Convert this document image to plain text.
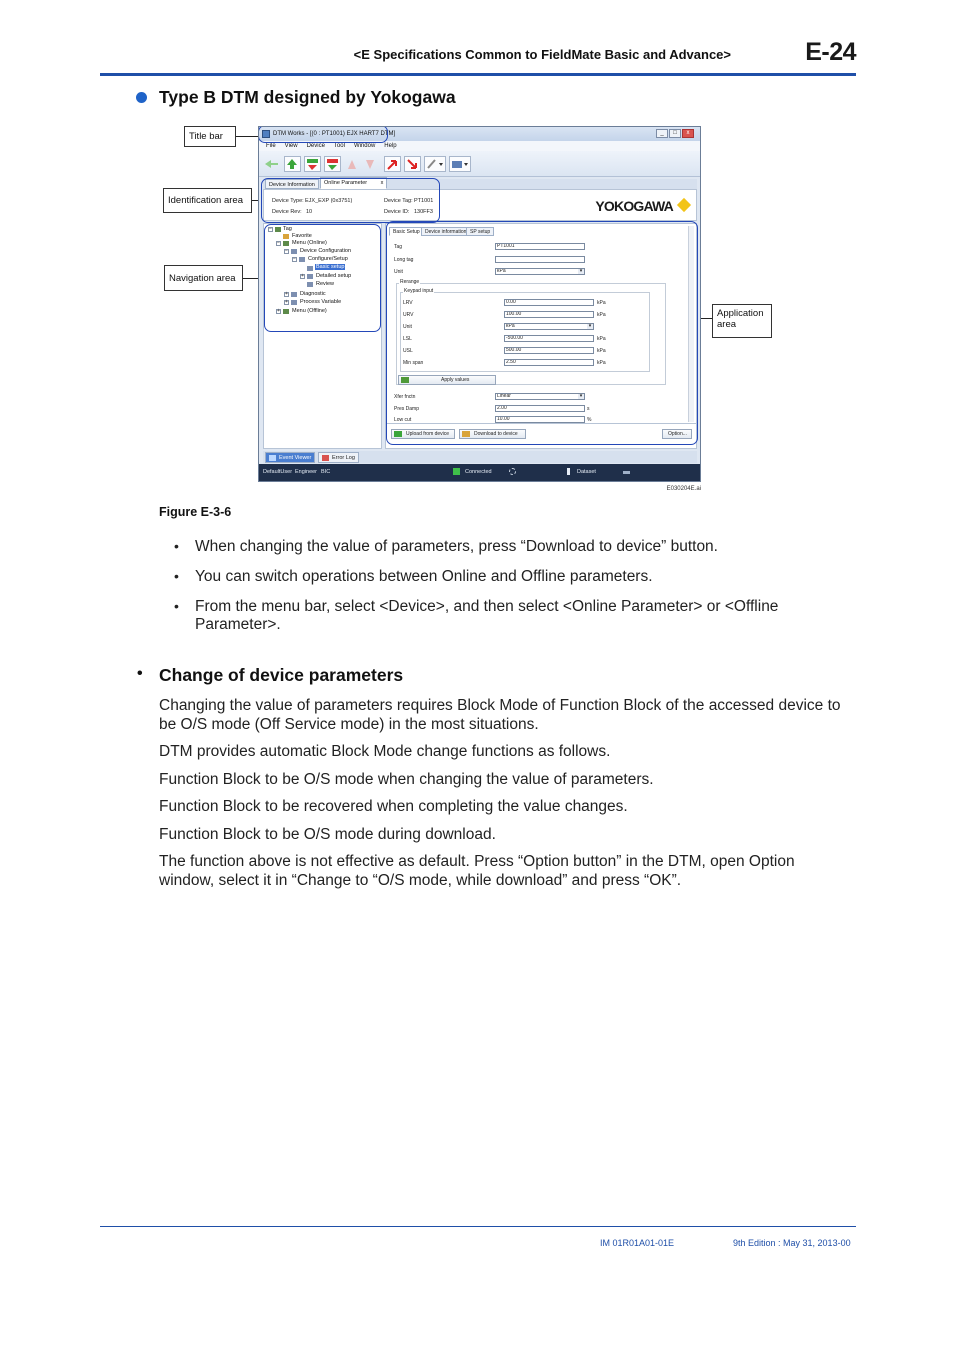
<E Specifications Common to FieldMate Basic and Advance>	E-24
Type B DTM designed by Yokogawa
Title bar
Identification area
Navigation area
Application area
DTM Works - [(0 : PT1001) EJX HART7 DTM]	_	□	x
File View Device Tool Window Help
Device Information	Online Parameter x
Device Type: EJX_EXP (0x3751)
Device Rev: 10
Device Tag: PT1001
Device ID: 130FF3	YOKOGAWA
− Tag
Favorite
− Menu (Online)
− Device Configuration
− Configure/Setup
Basic setup
+ Detailed setup
Review
+ Diagnostic
+ Process Variable
+ Menu (Offline)
Basic Setup	Device information SP setup
Tag	PT1001
Long tag
Unit	kPa ▾
Rerange
Keypad input
LRV	0.00	kPa
URV	100.00	kPa
Unit	kPa ▾
LSL	-500.00	kPa
USL	500.00	kPa
Min span	2.50	kPa
Apply values
Xfer fnctn	Linear ▾
Pres Damp	2.00	s
Low cut	10.00	%
Upload from device	Download to device	Option...
Event Viewer	Error Log
DefaultUser Engineer BIC	Connected	Dataset
E030204E.ai
Figure E-3-6
• When changing the value of parameters, press “Download to device” button.
• You can switch operations between Online and Offline parameters.
• From the menu bar, select <Device>, and then select <Online Parameter> or <Offline Parameter>.
• Change of device parameters
Changing the value of parameters requires Block Mode of Function Block of the accessed device to be O/S mode (Off Service mode) in the most situations.
DTM provides automatic Block Mode change functions as follows.
Function Block to be O/S mode when changing the value of parameters.
Function Block to be recovered when completing the value changes.
Function Block to be O/S mode during download.
The function above is not effective as default. Press “Option button” in the DTM, open Option window, select it in “Change to “O/S mode, while download” and press “OK”.
IM 01R01A01-01E	9th Edition : May 31, 2013-00
